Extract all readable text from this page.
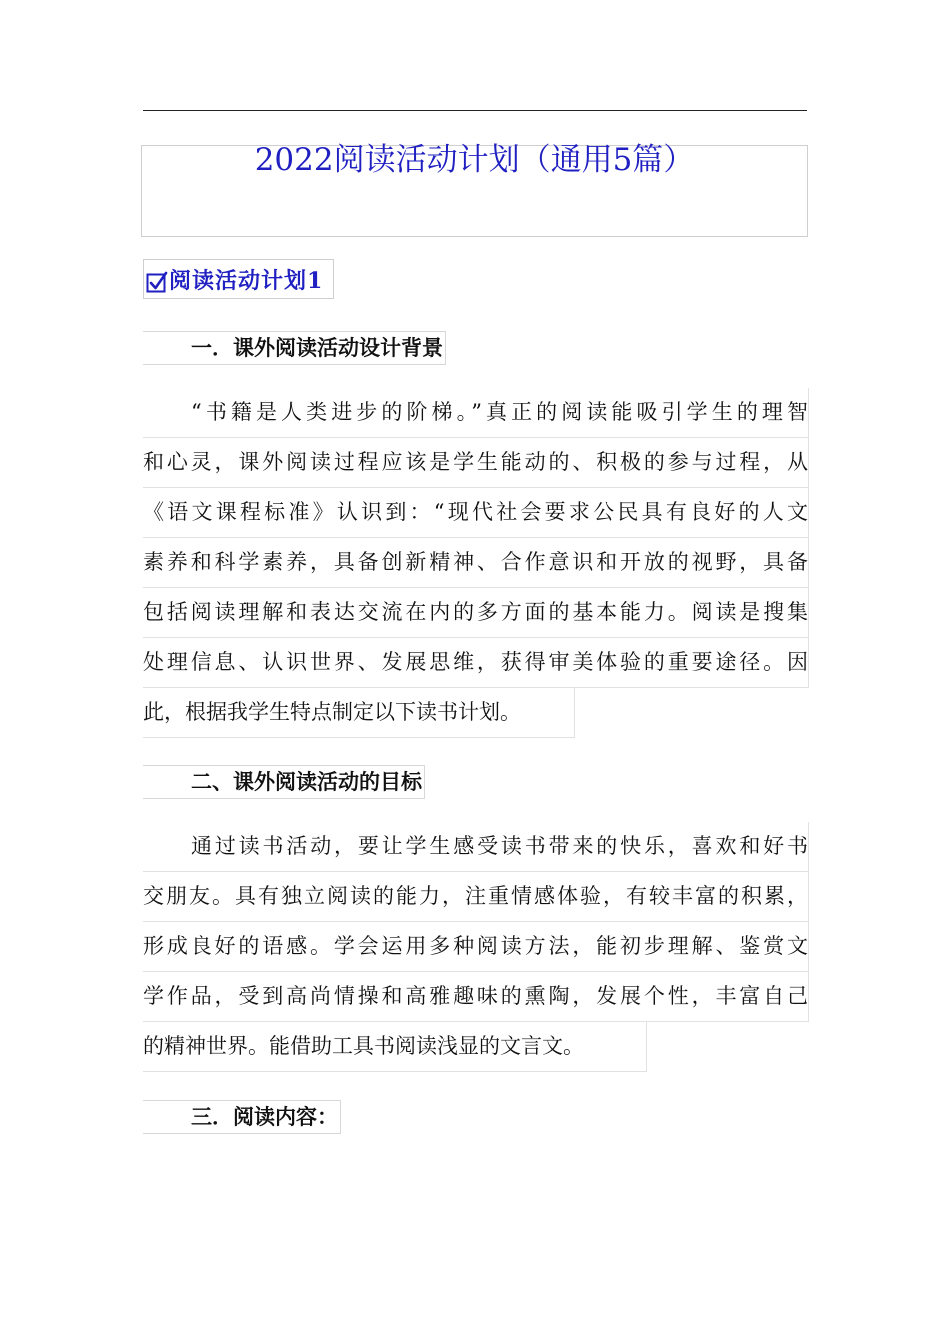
2022阅读活动计划（通用5篇）
阅读活动计划1
一．课外阅读活动设计背景
“书籍是人类进步的阶梯。”真正的阅读能吸引学生的理智
和心灵，课外阅读过程应该是学生能动的、积极的参与过程，从
《语文课程标准》认识到：“现代社会要求公民具有良好的人文
素养和科学素养，具备创新精神、合作意识和开放的视野，具备
包括阅读理解和表达交流在内的多方面的基本能力。阅读是搜集
处理信息、认识世界、发展思维，获得审美体验的重要途径。因
此，根据我学生特点制定以下读书计划。
二、课外阅读活动的目标
通过读书活动，要让学生感受读书带来的快乐，喜欢和好书
交朋友。具有独立阅读的能力，注重情感体验，有较丰富的积累，
形成良好的语感。学会运用多种阅读方法，能初步理解、鉴赏文
学作品，受到高尚情操和高雅趣味的熏陶，发展个性，丰富自己
的精神世界。能借助工具书阅读浅显的文言文。
三．阅读内容：
